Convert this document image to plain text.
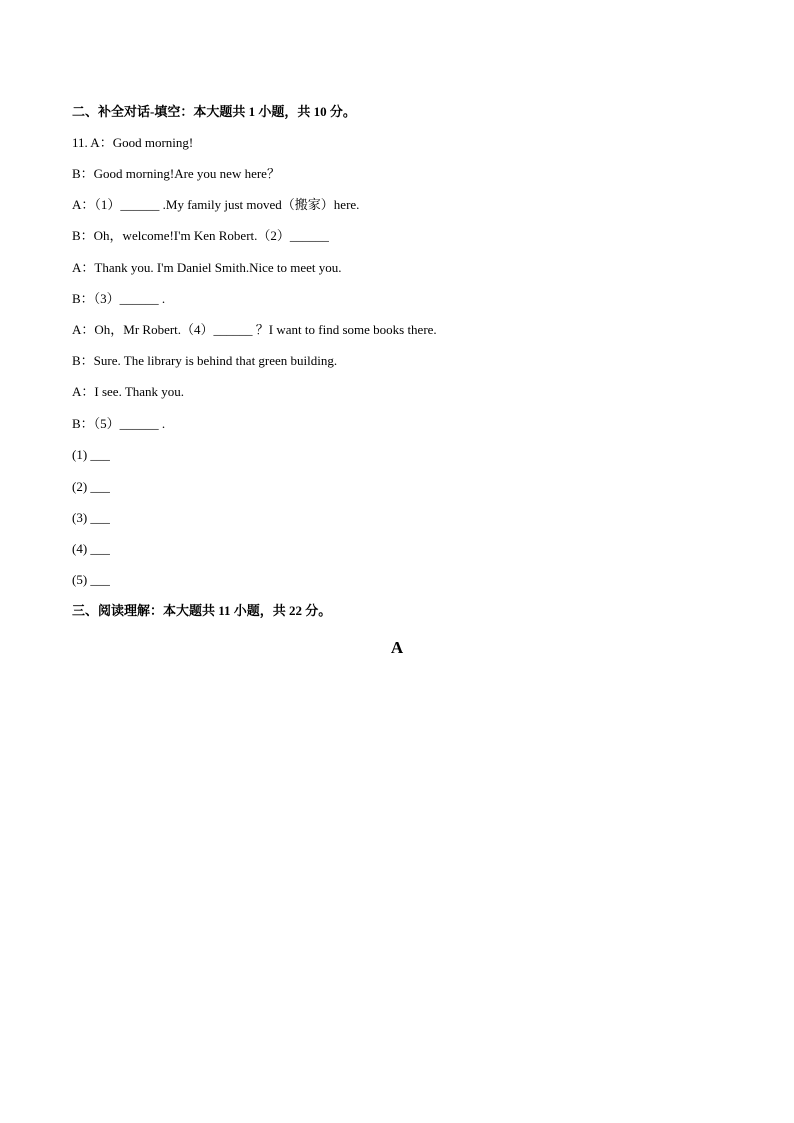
二、补全对话-填空：本大题共 1 小题，共 10 分。
11. A：Good morning!
B：Good morning!Are you new here？
A：（1）______ .My family just moved（搬家）here.
B：Oh，welcome!I'm Ken Robert.（2）______
A：Thank you. I'm Daniel Smith.Nice to meet you.
B：（3）______ .
A：Oh，Mr Robert.（4）______ ？I want to find some books there.
B：Sure. The library is behind that green building.
A：I see. Thank you.
B：（5）______ .
(1) ___
(2) ___
(3) ___
(4) ___
(5) ___
三、阅读理解：本大题共 11 小题，共 22 分。
A
